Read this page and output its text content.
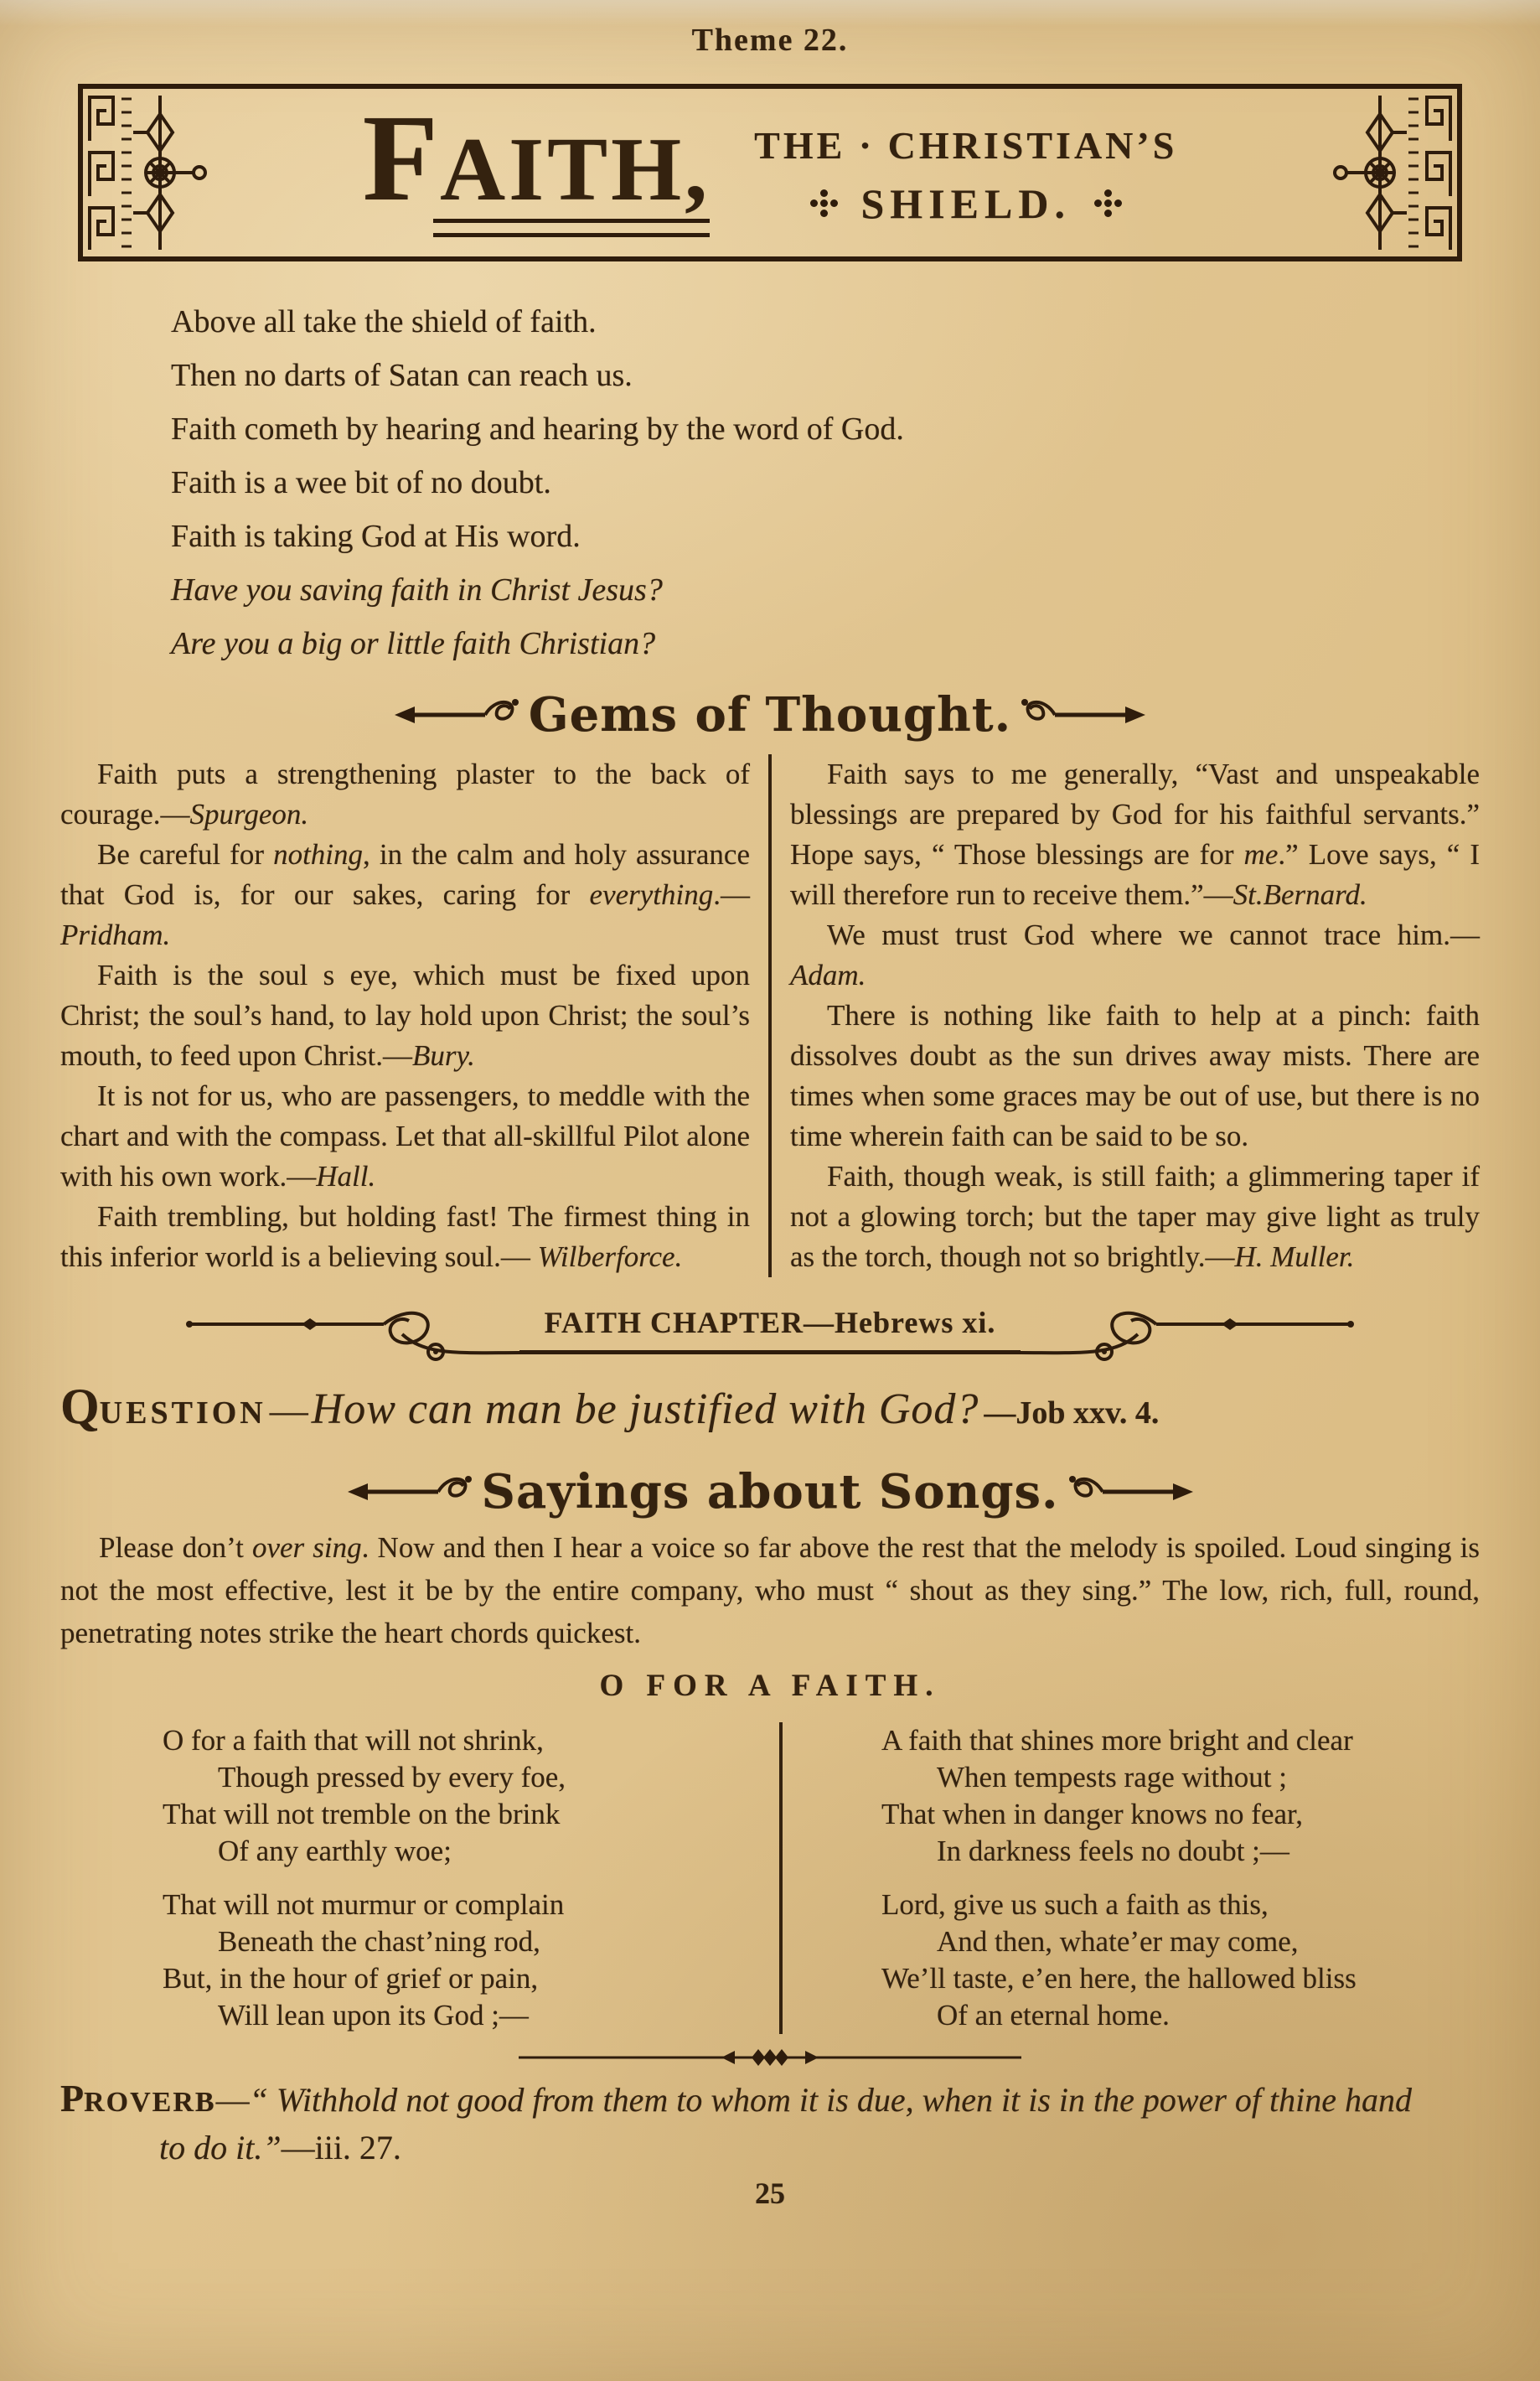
Theme 22.
FAITH, THE · CHRISTIAN’S
SHIELD.
Above all take the shield of faith.
Then no darts of Satan can reach us.
Faith cometh by hearing and hearing by the word of God.
Faith is a wee bit of no doubt.
Faith is taking God at His word.
Have you saving faith in Christ Jesus?
Are you a big or little faith Christian?
Gems of Thought.

Faith puts a strengthening plaster to the back of courage.—Spurgeon.

Be careful for nothing, in the calm and holy assurance that God is, for our sakes, caring for everything.—Pridham.

Faith is the soul s eye, which must be fixed upon Christ; the soul’s hand, to lay hold upon Christ; the soul’s mouth, to feed upon Christ.—Bury.

It is not for us, who are passengers, to meddle with the chart and with the compass. Let that all-skillful Pilot alone with his own work.—Hall.

Faith trembling, but holding fast! The firmest thing in this inferior world is a believing soul.— Wilberforce.

Faith says to me generally, “Vast and unspeakable blessings are prepared by God for his faithful servants.” Hope says, “ Those blessings are for me.” Love says, “ I will therefore run to receive them.”—St.Bernard.

We must trust God where we cannot trace him.—Adam.

There is nothing like faith to help at a pinch: faith dissolves doubt as the sun drives away mists. There are times when some graces may be out of use, but there is no time wherein faith can be said to be so.

Faith, though weak, is still faith; a glimmering taper if not a glowing torch; but the taper may give light as truly as the torch, though not so brightly.—H. Muller.

FAITH CHAPTER—Hebrews xi.
Q UESTION — How can man be justified with God? —Job xxv. 4.
Sayings about Songs.

Please don’t over sing. Now and then I hear a voice so far above the rest that the melody is spoiled. Loud singing is not the most effective, lest it be by the entire company, who must “ shout as they sing.” The low, rich, full, round, penetrating notes strike the heart chords quickest.

O FOR A FAITH.
O for a faith that will not shrink,
Though pressed by every foe,
That will not tremble on the brink
Of any earthly woe;
That will not murmur or complain
Beneath the chast’ning rod,
But, in the hour of grief or pain,
Will lean upon its God ;—
A faith that shines more bright and clear
When tempests rage without ;
That when in danger knows no fear,
In darkness feels no doubt ;—
Lord, give us such a faith as this,
And then, whate’er may come,
We’ll taste, e’en here, the hallowed bliss
Of an eternal home.
PROVERB—“ Withhold not good from them to whom it is due, when it is in the power of thine hand to do it.”—iii. 27.
25
